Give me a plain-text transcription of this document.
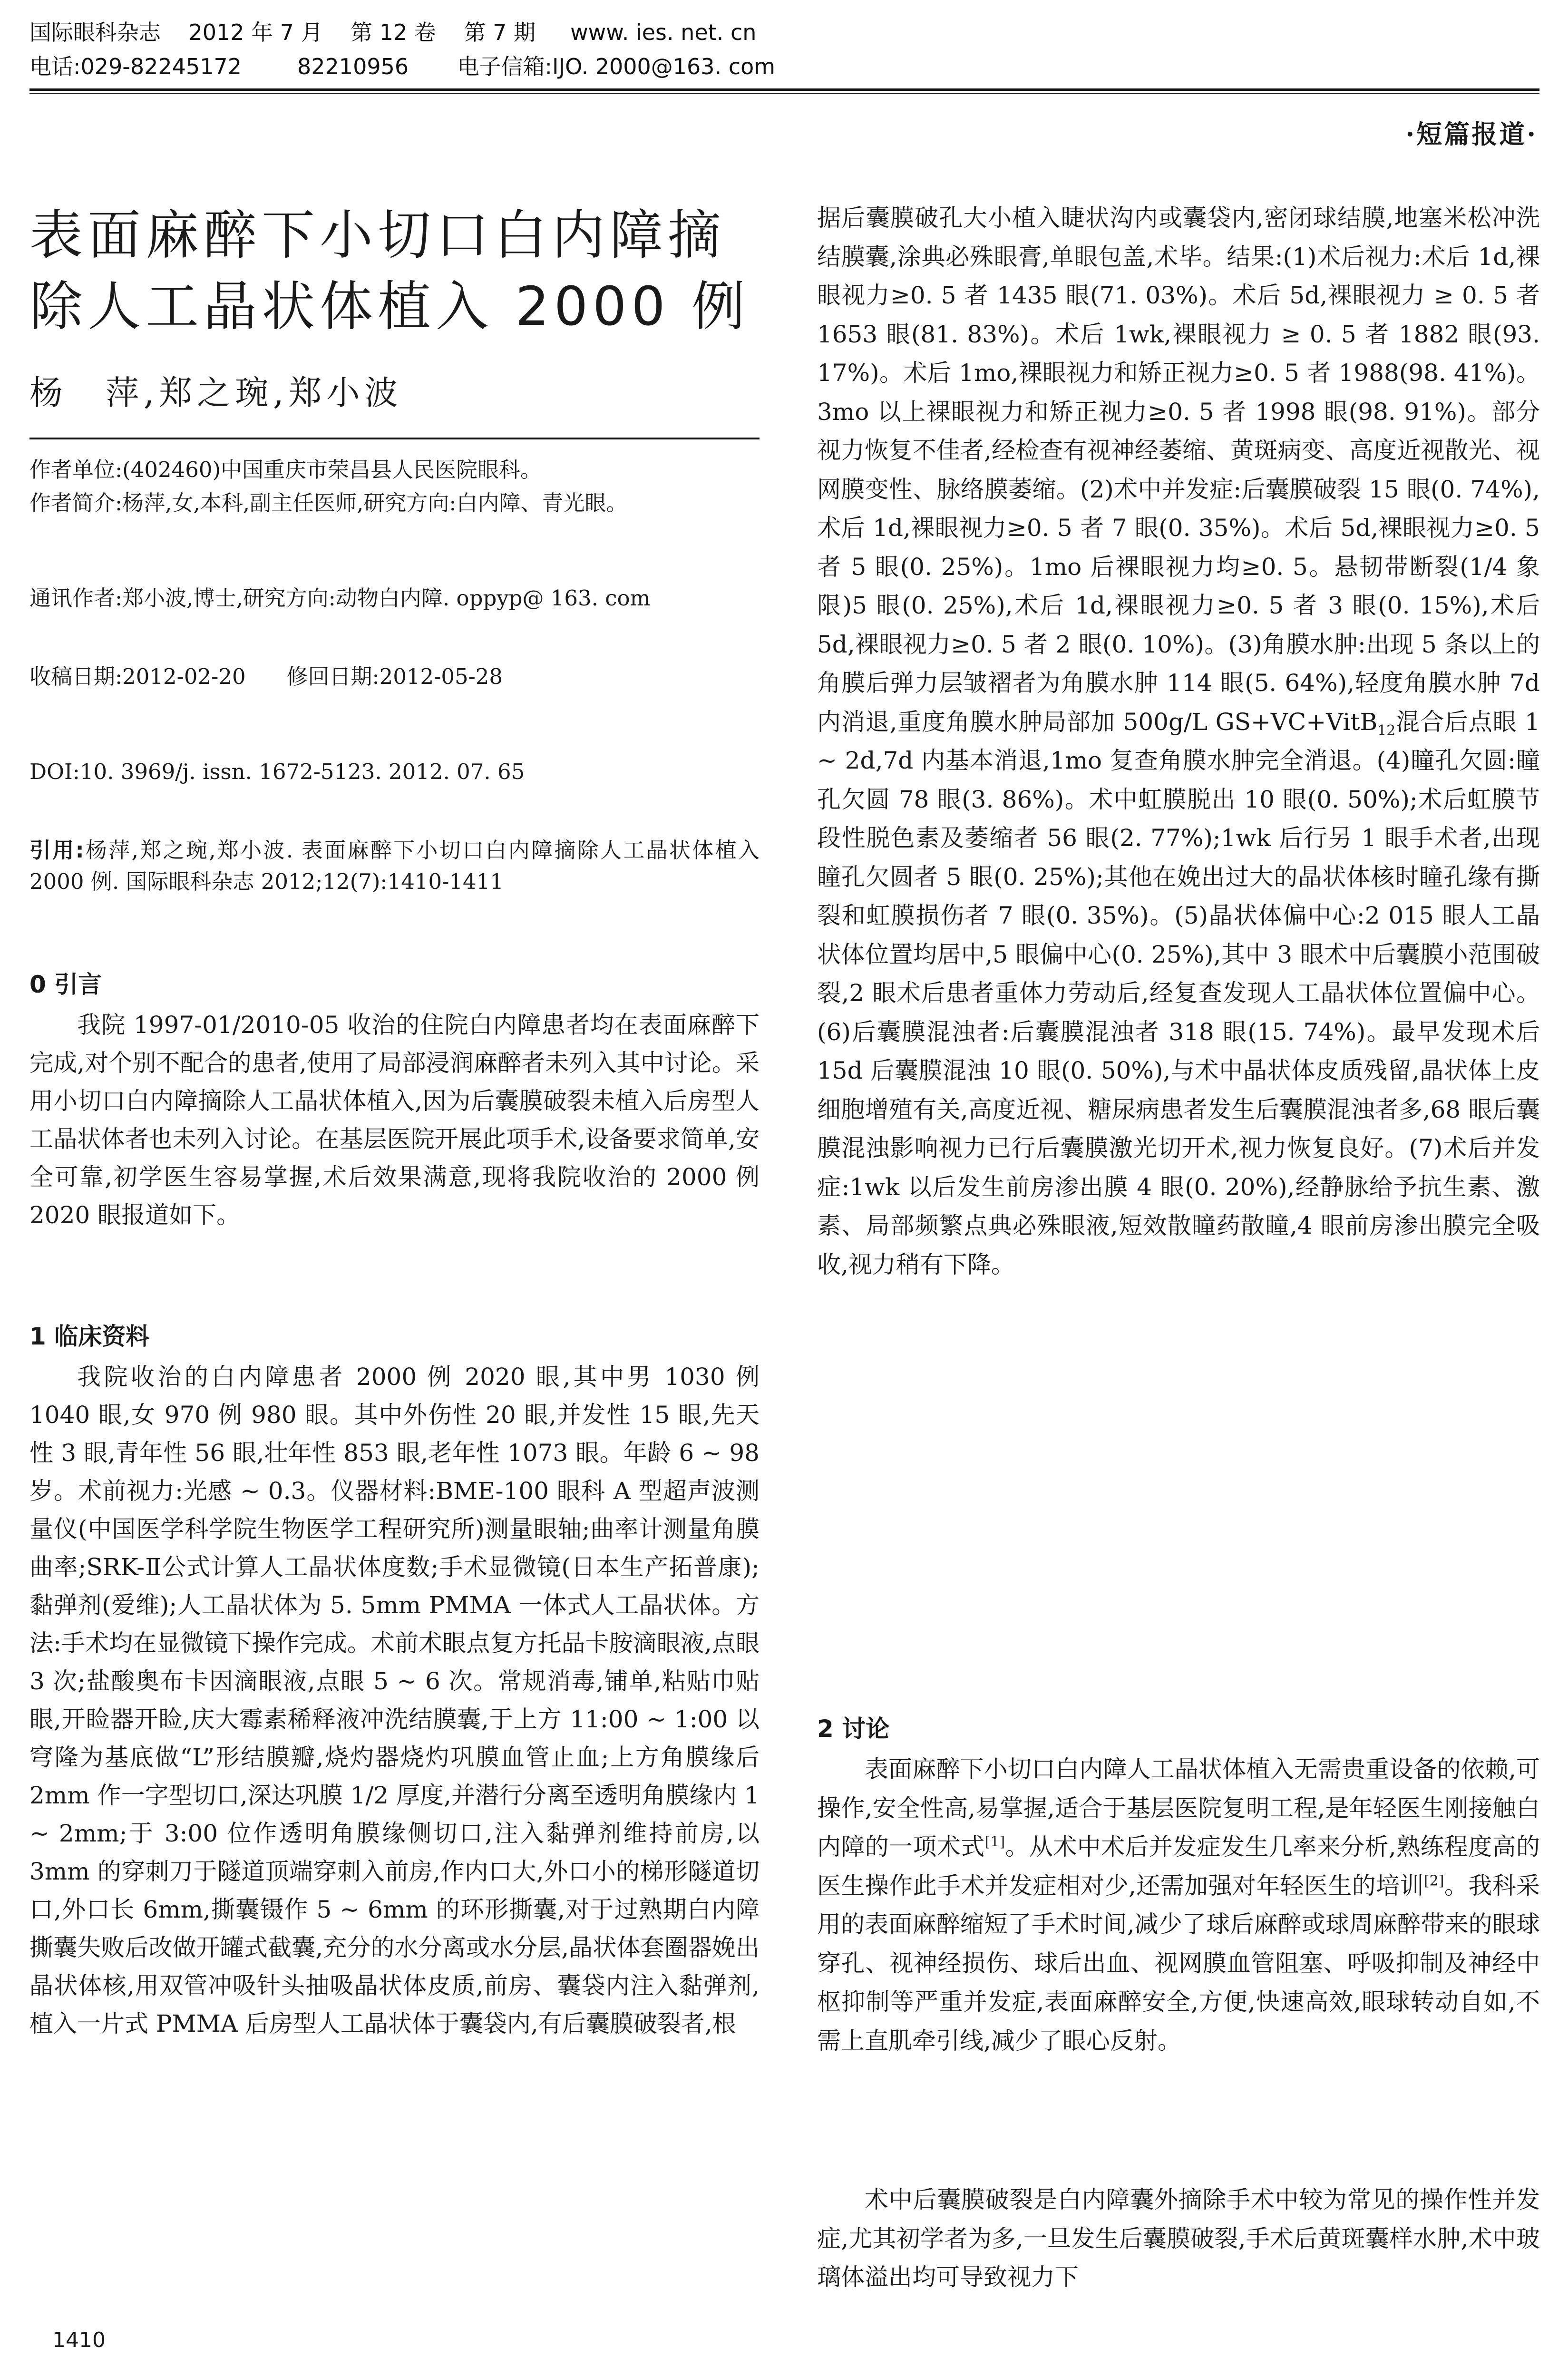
国际眼科杂志    2012 年 7 月    第 12 卷    第 7 期     www. ies. net. cn
电话:029-82245172        82210956       电子信箱:IJO. 2000@163. com
·短篇报道·
表面麻醉下小切口白内障摘除人工晶状体植入 2000 例
杨　萍,郑之琬,郑小波
作者单位:(402460)中国重庆市荣昌县人民医院眼科。
作者简介:杨萍,女,本科,副主任医师,研究方向:白内障、青光眼。
通讯作者:郑小波,博士,研究方向:动物白内障. oppyp@ 163. com
收稿日期:2012-02-20      修回日期:2012-05-28
DOI:10. 3969/j. issn. 1672-5123. 2012. 07. 65
引用:杨萍,郑之琬,郑小波. 表面麻醉下小切口白内障摘除人工晶状体植入 2000 例. 国际眼科杂志 2012;12(7):1410-1411
0 引言

我院 1997-01/2010-05 收治的住院白内障患者均在表面麻醉下完成,对个别不配合的患者,使用了局部浸润麻醉者未列入其中讨论。采用小切口白内障摘除人工晶状体植入,因为后囊膜破裂未植入后房型人工晶状体者也未列入讨论。在基层医院开展此项手术,设备要求简单,安全可靠,初学医生容易掌握,术后效果满意,现将我院收治的 2000 例 2020 眼报道如下。

1 临床资料

我院收治的白内障患者 2000 例 2020 眼,其中男 1030 例 1040 眼,女 970 例 980 眼。其中外伤性 20 眼,并发性 15 眼,先天性 3 眼,青年性 56 眼,壮年性 853 眼,老年性 1073 眼。年龄 6 ~ 98 岁。术前视力:光感 ~ 0.3。仪器材料:BME-100 眼科 A 型超声波测量仪(中国医学科学院生物医学工程研究所)测量眼轴;曲率计测量角膜曲率;SRK-Ⅱ公式计算人工晶状体度数;手术显微镜(日本生产拓普康);黏弹剂(爱维);人工晶状体为 5. 5mm PMMA 一体式人工晶状体。方法:手术均在显微镜下操作完成。术前术眼点复方托品卡胺滴眼液,点眼 3 次;盐酸奥布卡因滴眼液,点眼 5 ~ 6 次。常规消毒,铺单,粘贴巾贴眼,开睑器开睑,庆大霉素稀释液冲洗结膜囊,于上方 11:00 ~ 1:00 以穹隆为基底做“L”形结膜瓣,烧灼器烧灼巩膜血管止血;上方角膜缘后 2mm 作一字型切口,深达巩膜 1/2 厚度,并潜行分离至透明角膜缘内 1 ~ 2mm;于 3:00 位作透明角膜缘侧切口,注入黏弹剂维持前房,以 3mm 的穿刺刀于隧道顶端穿刺入前房,作内口大,外口小的梯形隧道切口,外口长 6mm,撕囊镊作 5 ~ 6mm 的环形撕囊,对于过熟期白内障撕囊失败后改做开罐式截囊,充分的水分离或水分层,晶状体套圈器娩出晶状体核,用双管冲吸针头抽吸晶状体皮质,前房、囊袋内注入黏弹剂,植入一片式 PMMA 后房型人工晶状体于囊袋内,有后囊膜破裂者,根

据后囊膜破孔大小植入睫状沟内或囊袋内,密闭球结膜,地塞米松冲洗结膜囊,涂典必殊眼膏,单眼包盖,术毕。结果:(1)术后视力:术后 1d,裸眼视力≥0. 5 者 1435 眼(71. 03%)。术后 5d,裸眼视力 ≥ 0. 5 者 1653 眼(81. 83%)。术后 1wk,裸眼视力 ≥ 0. 5 者 1882 眼(93. 17%)。术后 1mo,裸眼视力和矫正视力≥0. 5 者 1988(98. 41%)。3mo 以上裸眼视力和矫正视力≥0. 5 者 1998 眼(98. 91%)。部分视力恢复不佳者,经检查有视神经萎缩、黄斑病变、高度近视散光、视网膜变性、脉络膜萎缩。(2)术中并发症:后囊膜破裂 15 眼(0. 74%),术后 1d,裸眼视力≥0. 5 者 7 眼(0. 35%)。术后 5d,裸眼视力≥0. 5 者 5 眼(0. 25%)。1mo 后裸眼视力均≥0. 5。悬韧带断裂(1/4 象限)5 眼(0. 25%),术后 1d,裸眼视力≥0. 5 者 3 眼(0. 15%),术后 5d,裸眼视力≥0. 5 者 2 眼(0. 10%)。(3)角膜水肿:出现 5 条以上的角膜后弹力层皱褶者为角膜水肿 114 眼(5. 64%),轻度角膜水肿 7d 内消退,重度角膜水肿局部加 500g/L GS+VC+VitB$_{12}$混合后点眼 1 ~ 2d,7d 内基本消退,1mo 复查角膜水肿完全消退。(4)瞳孔欠圆:瞳孔欠圆 78 眼(3. 86%)。术中虹膜脱出 10 眼(0. 50%);术后虹膜节段性脱色素及萎缩者 56 眼(2. 77%);1wk 后行另 1 眼手术者,出现瞳孔欠圆者 5 眼(0. 25%);其他在娩出过大的晶状体核时瞳孔缘有撕裂和虹膜损伤者 7 眼(0. 35%)。(5)晶状体偏中心:2 015 眼人工晶状体位置均居中,5 眼偏中心(0. 25%),其中 3 眼术中后囊膜小范围破裂,2 眼术后患者重体力劳动后,经复查发现人工晶状体位置偏中心。(6)后囊膜混浊者:后囊膜混浊者 318 眼(15. 74%)。最早发现术后 15d 后囊膜混浊 10 眼(0. 50%),与术中晶状体皮质残留,晶状体上皮细胞增殖有关,高度近视、糖尿病患者发生后囊膜混浊者多,68 眼后囊膜混浊影响视力已行后囊膜激光切开术,视力恢复良好。(7)术后并发症:1wk 以后发生前房渗出膜 4 眼(0. 20%),经静脉给予抗生素、激素、局部频繁点典必殊眼液,短效散瞳药散瞳,4 眼前房渗出膜完全吸收,视力稍有下降。

2 讨论

表面麻醉下小切口白内障人工晶状体植入无需贵重设备的依赖,可操作,安全性高,易掌握,适合于基层医院复明工程,是年轻医生刚接触白内障的一项术式[1]。从术中术后并发症发生几率来分析,熟练程度高的医生操作此手术并发症相对少,还需加强对年轻医生的培训[2]。我科采用的表面麻醉缩短了手术时间,减少了球后麻醉或球周麻醉带来的眼球穿孔、视神经损伤、球后出血、视网膜血管阻塞、呼吸抑制及神经中枢抑制等严重并发症,表面麻醉安全,方便,快速高效,眼球转动自如,不需上直肌牵引线,减少了眼心反射。

术中后囊膜破裂是白内障囊外摘除手术中较为常见的操作性并发症,尤其初学者为多,一旦发生后囊膜破裂,手术后黄斑囊样水肿,术中玻璃体溢出均可导致视力下

1410
